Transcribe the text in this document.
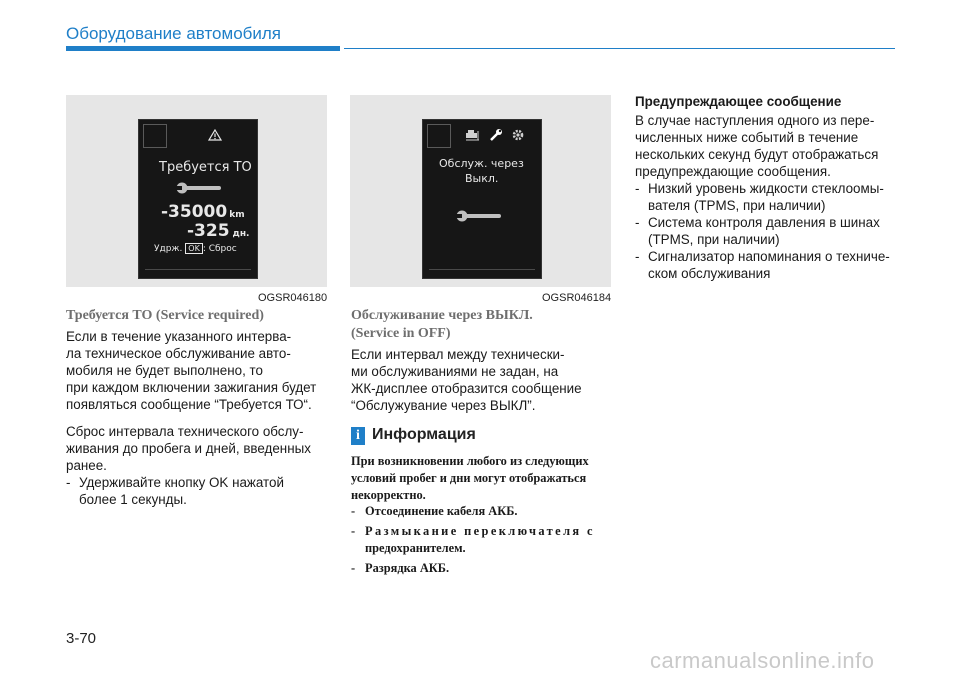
Оборудование автомобиля
Требуется ТО
-35000 km
-325 дн.
Удрж. OK : Сброс
OGSR046180
Обслуж. через
Выкл.
OGSR046184
Требуется ТО (Service required)

Если в течение указанного интерва-

ла техническое обслуживание авто-

мобиля не будет выполнено, то

при каждом включении зажигания будет

появляться сообщение “Требуется ТО“.

Сброс интервала технического обслу-

живания до пробега и дней, введенных

ранее.

- Удерживайте кнопку OK нажатой
более 1 секунды.
Обслуживание через ВЫКЛ.
(Service in OFF)

Если интервал между технически-

ми обслуживаниями не задан, на

ЖК-дисплее отобразится сообщение

“Обслужувание через ВЫКЛ”.

i Информация
При возникновении любого из следующих
условий пробег и дни могут отображаться
некорректно.
- Отсоединение кабеля АКБ.
- Размыкание переключателя с
предохранителем.
- Разрядка АКБ.
Предупреждающее сообщение

В случае наступления одного из пере-

численных ниже событий в течение

нескольких секунд будут отображаться

предупреждающие сообщения.

- Низкий уровень жидкости стеклоомы-
вателя (TPMS, при наличии)
- Система контроля давления в шинах
(TPMS, при наличии)
- Сигнализатор напоминания о техниче-
ском обслуживания
3-70
carmanualsonline.info
